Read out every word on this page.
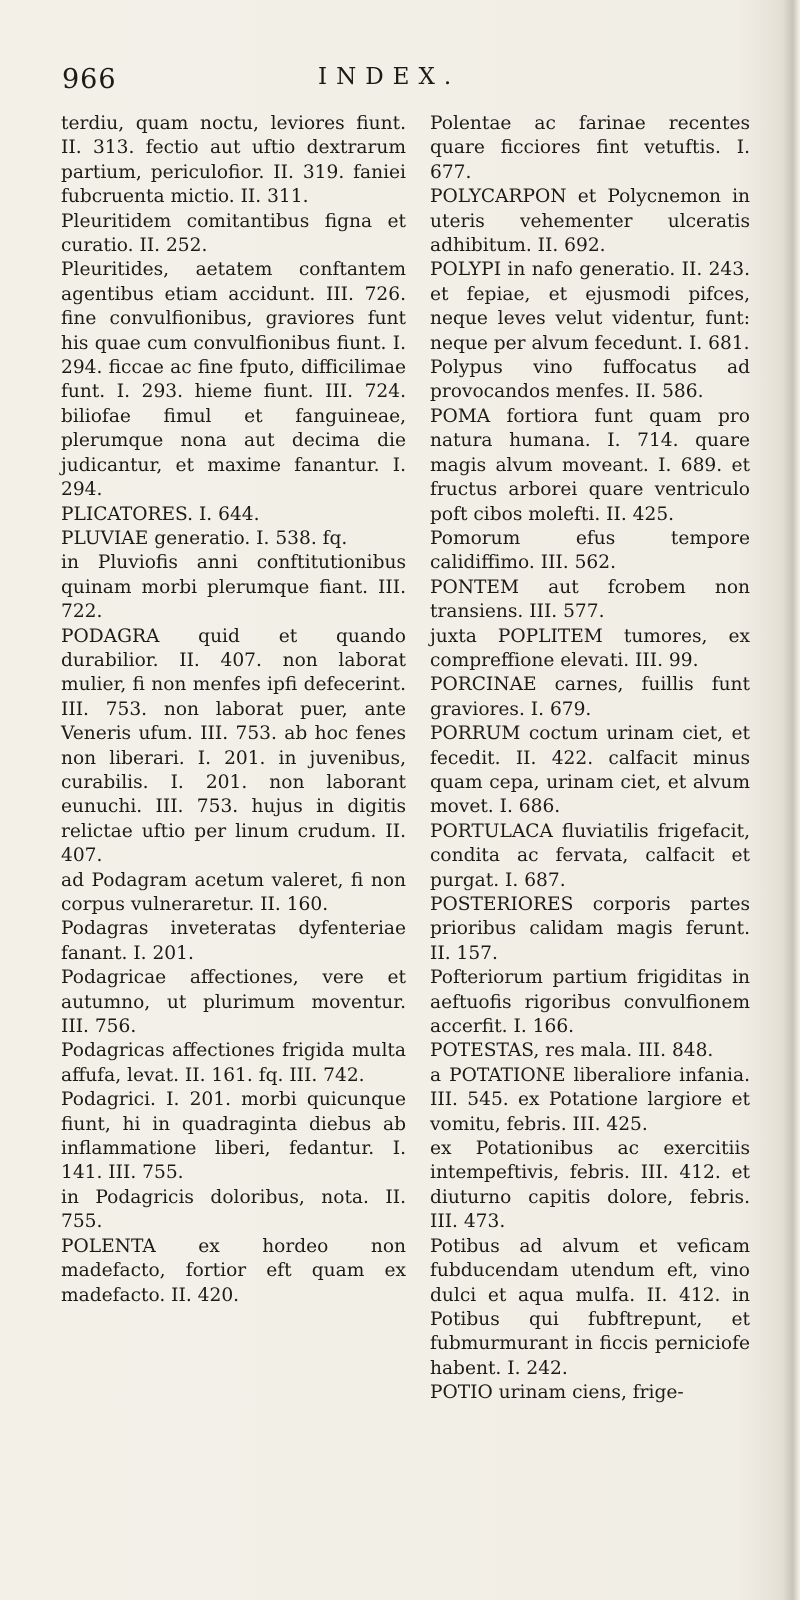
966	INDEX.

terdiu, quam noctu, leviores fiunt. II. 313. fectio aut uftio dextrarum partium, periculofior. II. 319. faniei fubcruenta mictio. II. 311.

Pleuritidem comitantibus figna et curatio. II. 252.

Pleuritides, aetatem conftantem agentibus etiam accidunt. III. 726. fine convulfionibus, graviores funt his quae cum convulfionibus fiunt. I. 294. ficcae ac fine fputo, difficilimae funt. I. 293. hieme fiunt. III. 724. biliofae fimul et fanguineae, plerumque nona aut decima die judicantur, et maxime fanantur. I. 294.

PLICATORES. I. 644.

PLUVIAE generatio. I. 538. fq.

in Pluviofis anni conftitutionibus quinam morbi plerumque fiant. III. 722.

PODAGRA quid et quando durabilior. II. 407. non laborat mulier, fi non menfes ipfi defecerint. III. 753. non laborat puer, ante Veneris ufum. III. 753. ab hoc fenes non liberari. I. 201. in juvenibus, curabilis. I. 201. non laborant eunuchi. III. 753. hujus in digitis relictae uftio per linum crudum. II. 407.

ad Podagram acetum valeret, fi non corpus vulneraretur. II. 160.

Podagras inveteratas dyfenteriae fanant. I. 201.

Podagricae affectiones, vere et autumno, ut plurimum moventur. III. 756.

Podagricas affectiones frigida multa affufa, levat. II. 161. fq. III. 742.

Podagrici. I. 201. morbi quicunque fiunt, hi in quadraginta diebus ab inflammatione liberi, fedantur. I. 141. III. 755.

in Podagricis doloribus, nota. II. 755.

POLENTA ex hordeo non madefacto, fortior eft quam ex madefacto. II. 420.

Polentae ac farinae recentes quare ficciores fint vetuftis. I. 677.

POLYCARPON et Polycnemon in uteris vehementer ulceratis adhibitum. II. 692.

POLYPI in nafo generatio. II. 243. et fepiae, et ejusmodi pifces, neque leves velut videntur, funt: neque per alvum fecedunt. I. 681.

Polypus vino fuffocatus ad provocandos menfes. II. 586.

POMA fortiora funt quam pro natura humana. I. 714. quare magis alvum moveant. I. 689. et fructus arborei quare ventriculo poft cibos molefti. II. 425.

Pomorum efus tempore calidiffimo. III. 562.

PONTEM aut fcrobem non transiens. III. 577.

juxta POPLITEM tumores, ex compreffione elevati. III. 99.

PORCINAE carnes, fuillis funt graviores. I. 679.

PORRUM coctum urinam ciet, et fecedit. II. 422. calfacit minus quam cepa, urinam ciet, et alvum movet. I. 686.

PORTULACA fluviatilis frigefacit, condita ac fervata, calfacit et purgat. I. 687.

POSTERIORES corporis partes prioribus calidam magis ferunt. II. 157.

Pofteriorum partium frigiditas in aeftuofis rigoribus convulfionem accerfit. I. 166.

POTESTAS, res mala. III. 848.

a POTATIONE liberaliore infania. III. 545. ex Potatione largiore et vomitu, febris. III. 425.

ex Potationibus ac exercitiis intempeftivis, febris. III. 412. et diuturno capitis dolore, febris. III. 473.

Potibus ad alvum et veficam fubducendam utendum eft, vino dulci et aqua mulfa. II. 412. in Potibus qui fubftrepunt, et fubmurmurant in ficcis perniciofe habent. I. 242.

POTIO urinam ciens, frige-
